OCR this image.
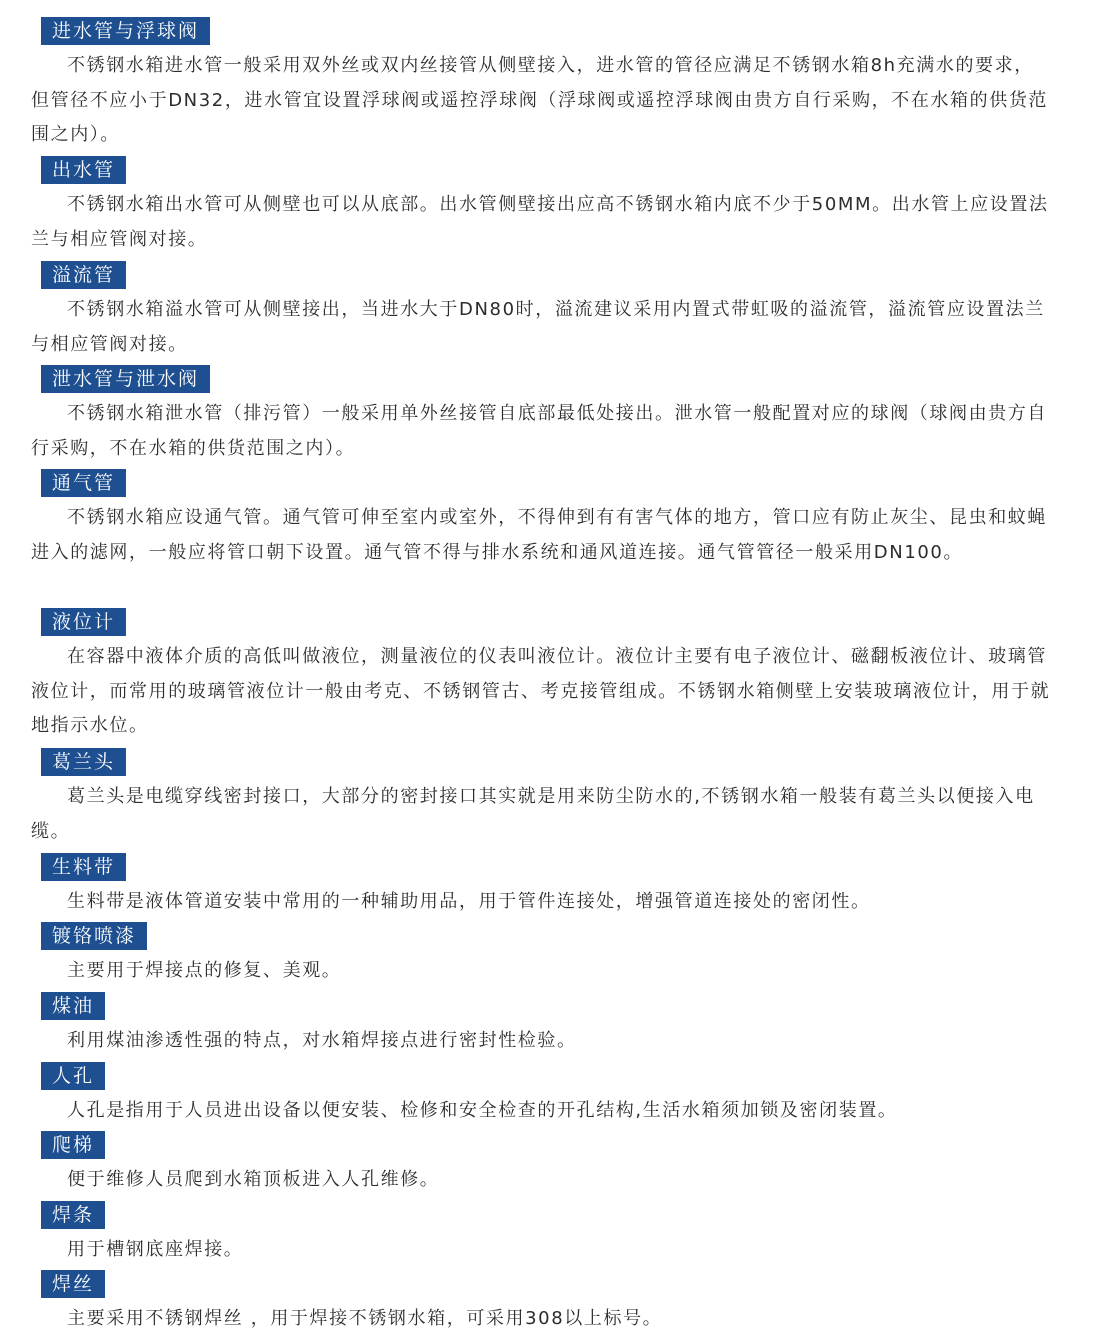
进水管与浮球阀

不锈钢水箱进水管一般采用双外丝或双内丝接管从侧壁接入，进水管的管径应满足不锈钢水箱8h充满水的要求，但管径不应小于DN32，进水管宜设置浮球阀或遥控浮球阀（浮球阀或遥控浮球阀由贵方自行采购，不在水箱的供货范围之内）。

出水管

不锈钢水箱出水管可从侧壁也可以从底部。出水管侧壁接出应高不锈钢水箱内底不少于50MM。出水管上应设置法兰与相应管阀对接。

溢流管

不锈钢水箱溢水管可从侧壁接出，当进水大于DN80时，溢流建议采用内置式带虹吸的溢流管，溢流管应设置法兰与相应管阀对接。

泄水管与泄水阀

不锈钢水箱泄水管（排污管）一般采用单外丝接管自底部最低处接出。泄水管一般配置对应的球阀（球阀由贵方自行采购，不在水箱的供货范围之内）。

通气管

不锈钢水箱应设通气管。通气管可伸至室内或室外，不得伸到有有害气体的地方，管口应有防止灰尘、昆虫和蚊蝇进入的滤网，一般应将管口朝下设置。通气管不得与排水系统和通风道连接。通气管管径一般采用DN100。

液位计

在容器中液体介质的高低叫做液位，测量液位的仪表叫液位计。液位计主要有电子液位计、磁翻板液位计、玻璃管液位计，而常用的玻璃管液位计一般由考克、不锈钢管古、考克接管组成。不锈钢水箱侧壁上安装玻璃液位计，用于就地指示水位。

葛兰头

葛兰头是电缆穿线密封接口，大部分的密封接口其实就是用来防尘防水的,不锈钢水箱一般装有葛兰头以便接入电缆。

生料带

生料带是液体管道安装中常用的一种辅助用品，用于管件连接处，增强管道连接处的密闭性。

镀铬喷漆

主要用于焊接点的修复、美观。

煤油

利用煤油渗透性强的特点，对水箱焊接点进行密封性检验。

人孔

人孔是指用于人员进出设备以便安装、检修和安全检查的开孔结构,生活水箱须加锁及密闭装置。

爬梯

便于维修人员爬到水箱顶板进入人孔维修。

焊条

用于槽钢底座焊接。

焊丝

主要采用不锈钢焊丝 ，用于焊接不锈钢水箱，可采用308以上标号。
